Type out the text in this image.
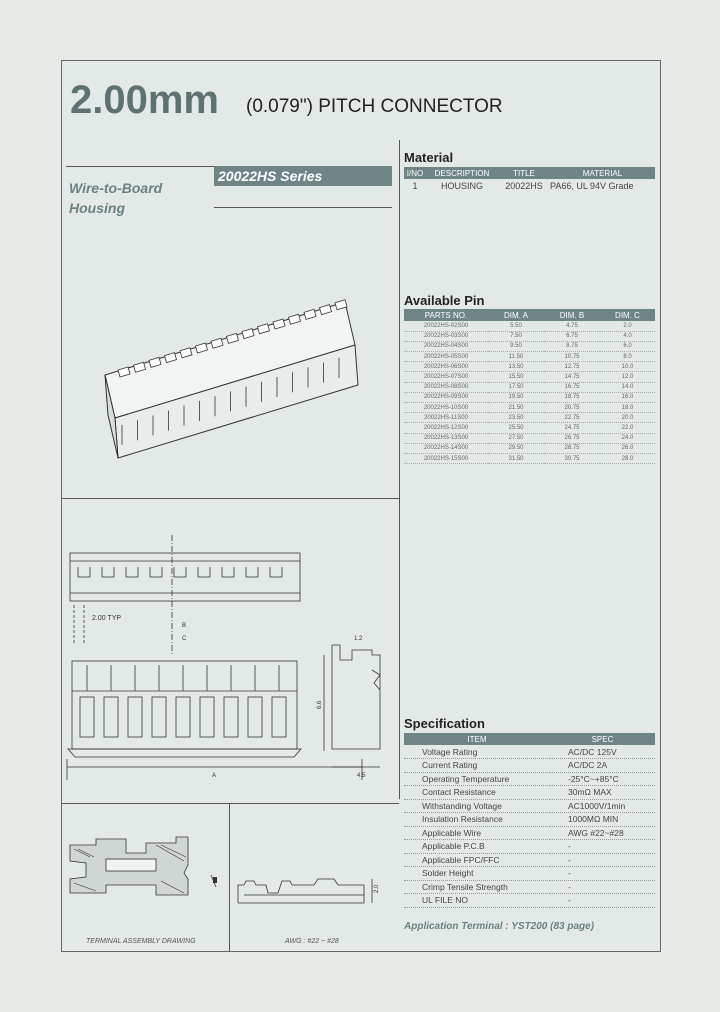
2.00mm (0.079") PITCH CONNECTOR
Wire-to-Board
Housing
20022HS Series
Material
I/NO	DESCRIPTION	TITLE	MATERIAL
1	HOUSING	20022HS	PA66, UL 94V Grade
Available Pin
PARTS NO.	DIM. A	DIM. B	DIM. C
20022HS-02S00	5.50	4.75	2.0
20022HS-03S00	7.50	6.75	4.0
20022HS-04S00	9.50	8.75	6.0
20022HS-05S00	11.50	10.75	8.0
20022HS-06S00	13.50	12.75	10.0
20022HS-07S00	15.50	14.75	12.0
20022HS-08S00	17.50	16.75	14.0
20022HS-09S00	19.50	18.75	16.0
20022HS-10S00	21.50	20.75	18.0
20022HS-11S00	23.50	22.75	20.0
20022HS-12S00	25.50	24.75	22.0
20022HS-13S00	27.50	26.75	24.0
20022HS-14S00	29.50	28.75	26.0
20022HS-15S00	31.50	30.75	28.0
2.00 TYP
B
C
A	4.5
6.6
1.2
2.0
TERMINAL ASSEMBLY DRAWING	AWG : #22 ~ #28
Specification
ITEM	SPEC
Voltage Rating	AC/DC 125V
Current Rating	AC/DC 2A
Operating Temperature	-25°C~+85°C
Contact Resistance	30mΩ MAX
Withstanding Voltage	AC1000V/1min
Insulation Resistance	1000MΩ MIN
Applicable Wire	AWG #22~#28
Applicable P.C.B	-
Applicable FPC/FFC	-
Solder Height	-
Crimp Tensile Strength	-
UL FILE NO	-
Application Terminal : YST200 (83 page)
